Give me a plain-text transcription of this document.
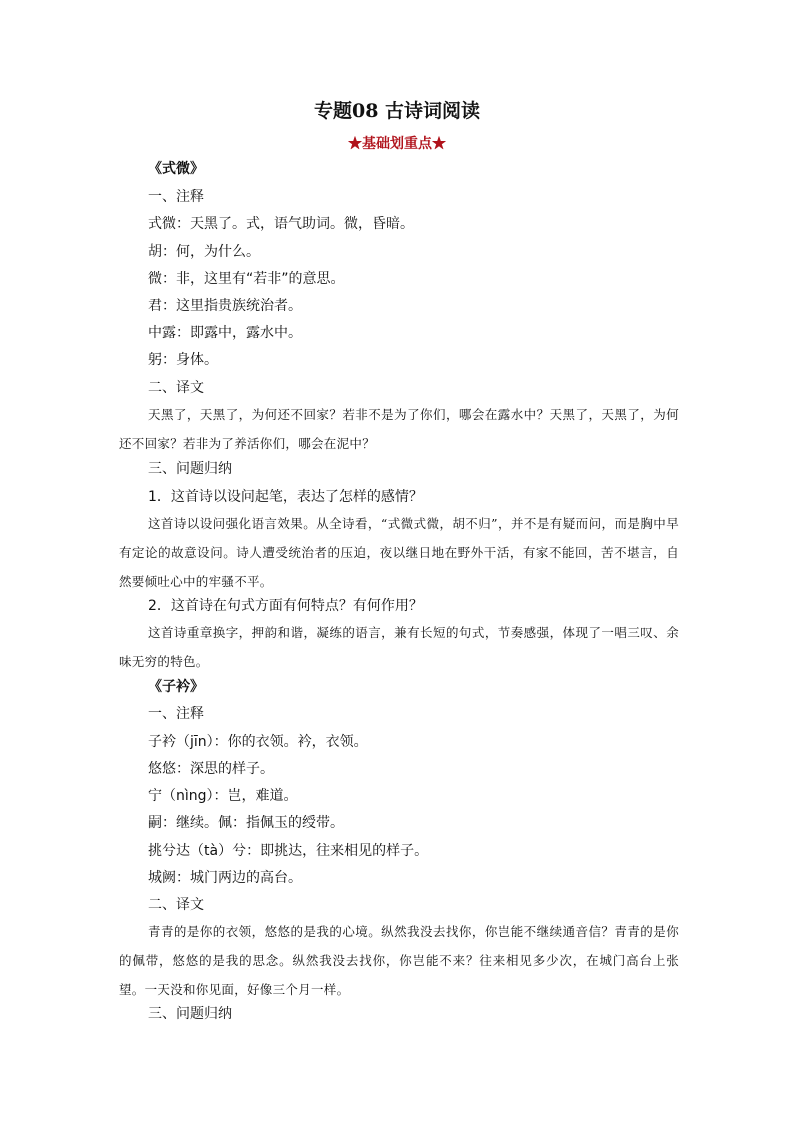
专题08 古诗词阅读
★基础划重点★
《式微》
一、注释
式微：天黑了。式，语气助词。微，昏暗。
胡：何，为什么。
微：非，这里有“若非”的意思。
君：这里指贵族统治者。
中露：即露中，露水中。
躬：身体。
二、译文
天黑了，天黑了，为何还不回家？若非不是为了你们，哪会在露水中？天黑了，天黑了，为何还不回家？若非为了养活你们，哪会在泥中？
三、问题归纳
1．这首诗以设问起笔，表达了怎样的感情？
这首诗以设问强化语言效果。从全诗看，“式微式微，胡不归”，并不是有疑而问，而是胸中早有定论的故意设问。诗人遭受统治者的压迫，夜以继日地在野外干活，有家不能回，苦不堪言，自然要倾吐心中的牢骚不平。
2．这首诗在句式方面有何特点？有何作用？
这首诗重章换字，押韵和谐，凝练的语言，兼有长短的句式，节奏感强，体现了一唱三叹、余味无穷的特色。
《子衿》
一、注释
子衿（jīn）：你的衣领。衿，衣领。
悠悠：深思的样子。
宁（nìng）：岂，难道。
嗣：继续。佩：指佩玉的绶带。
挑兮达（tà）兮：即挑达，往来相见的样子。
城阙：城门两边的高台。
二、译文
青青的是你的衣领，悠悠的是我的心境。纵然我没去找你，你岂能不继续通音信？青青的是你的佩带，悠悠的是我的思念。纵然我没去找你，你岂能不来？往来相见多少次，在城门高台上张望。一天没和你见面，好像三个月一样。
三、问题归纳
